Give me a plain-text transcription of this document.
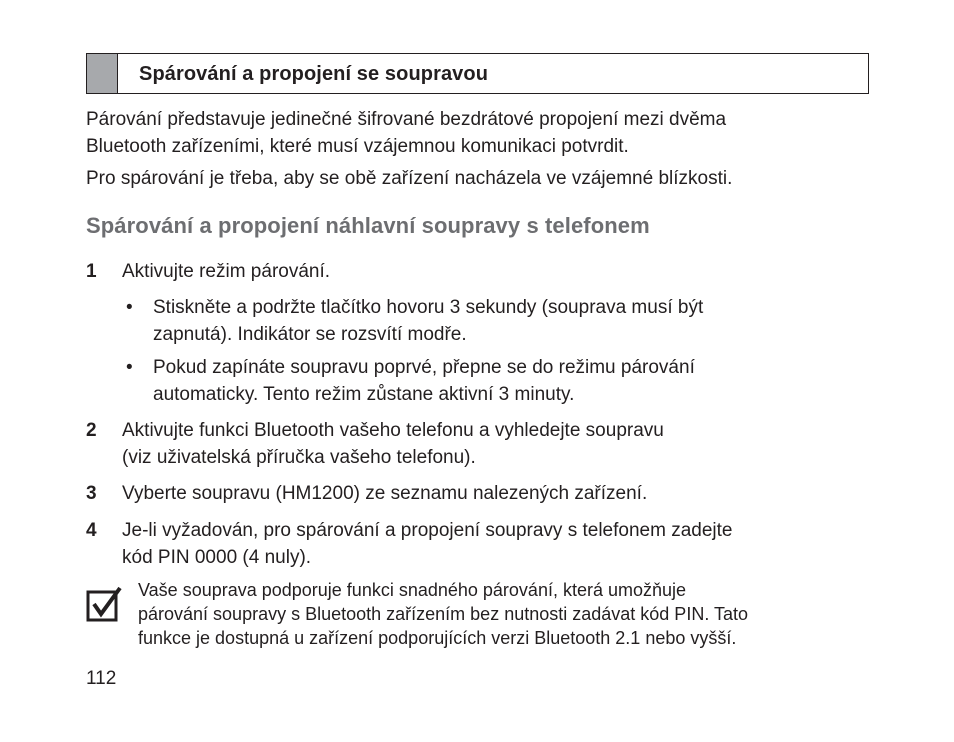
Spárování a propojení se soupravou
Párování představuje jedinečné šifrované bezdrátové propojení mezi dvěma
Bluetooth zařízeními, které musí vzájemnou komunikaci potvrdit.
Pro spárování je třeba, aby se obě zařízení nacházela ve vzájemné blízkosti.
Spárování a propojení náhlavní soupravy s telefonem
1 Aktivujte režim párování.
• Stiskněte a podržte tlačítko hovoru 3 sekundy (souprava musí být
zapnutá). Indikátor se rozsvítí modře.
• Pokud zapínáte soupravu poprvé, přepne se do režimu párování
automaticky. Tento režim zůstane aktivní 3 minuty.
2 Aktivujte funkci Bluetooth vašeho telefonu a vyhledejte soupravu
(viz uživatelská příručka vašeho telefonu).
3 Vyberte soupravu (HM1200) ze seznamu nalezených zařízení.
4 Je-li vyžadován, pro spárování a propojení soupravy s telefonem zadejte
kód PIN 0000 (4 nuly).
Vaše souprava podporuje funkci snadného párování, která umožňuje
párování soupravy s Bluetooth zařízením bez nutnosti zadávat kód PIN. Tato
funkce je dostupná u zařízení podporujících verzi Bluetooth 2.1 nebo vyšší.
112
